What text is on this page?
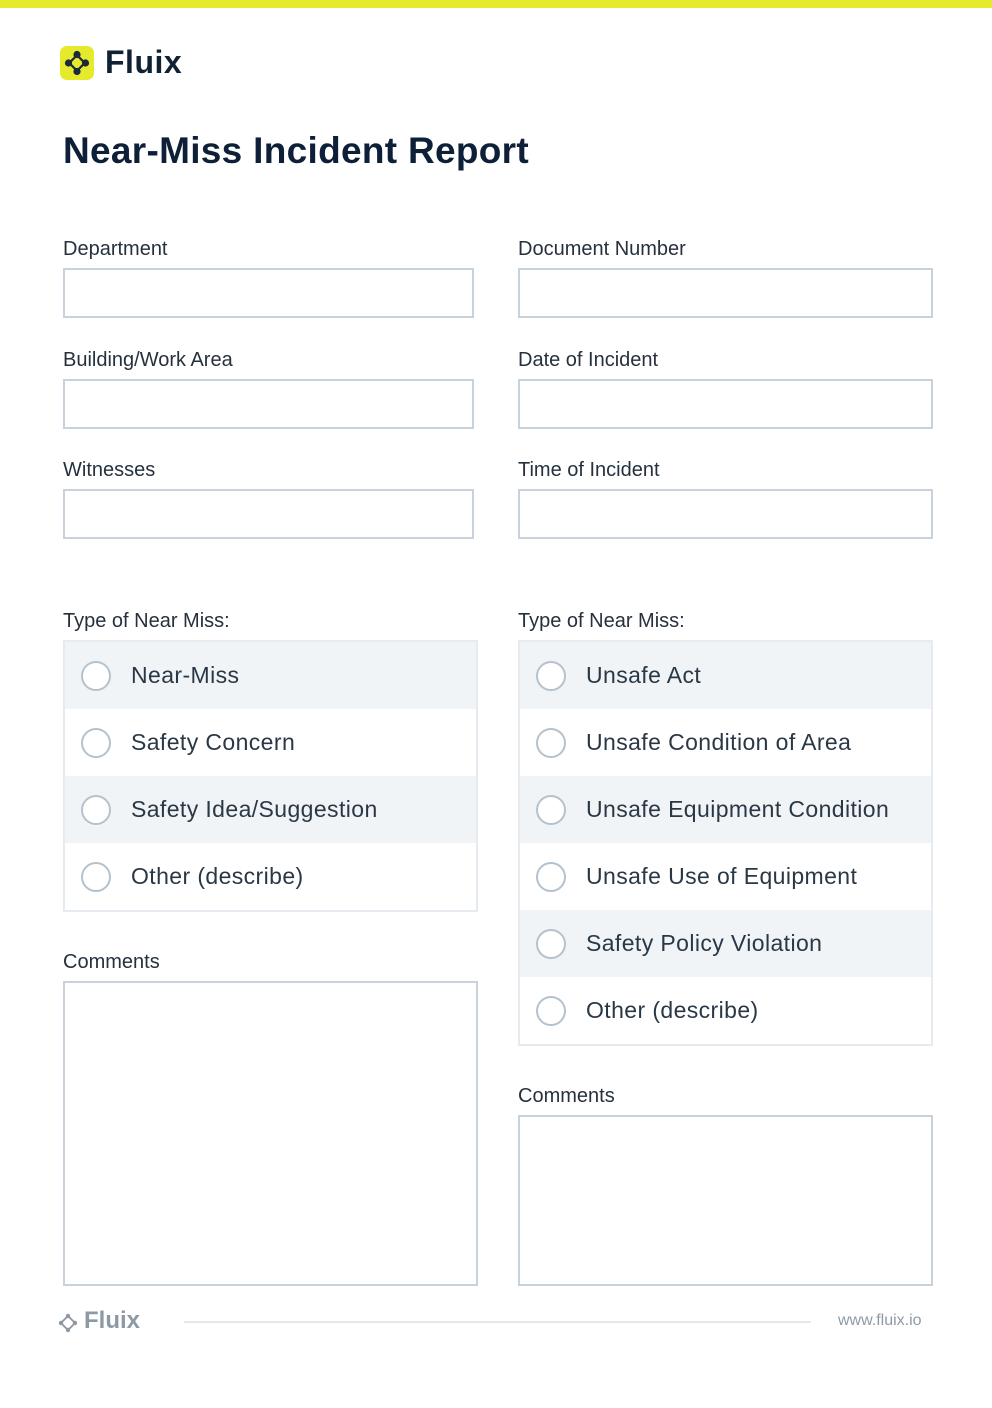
Fluix
Near-Miss Incident Report
Department	Document Number
Building/Work Area	Date of Incident
Witnesses	Time of Incident
Type of Near Miss:
Near-Miss
Safety Concern
Safety Idea/Suggestion
Other (describe)
Comments
Type of Near Miss:
Unsafe Act
Unsafe Condition of Area
Unsafe Equipment Condition
Unsafe Use of Equipment
Safety Policy Violation
Other (describe)
Comments
Fluix	www.fluix.io
